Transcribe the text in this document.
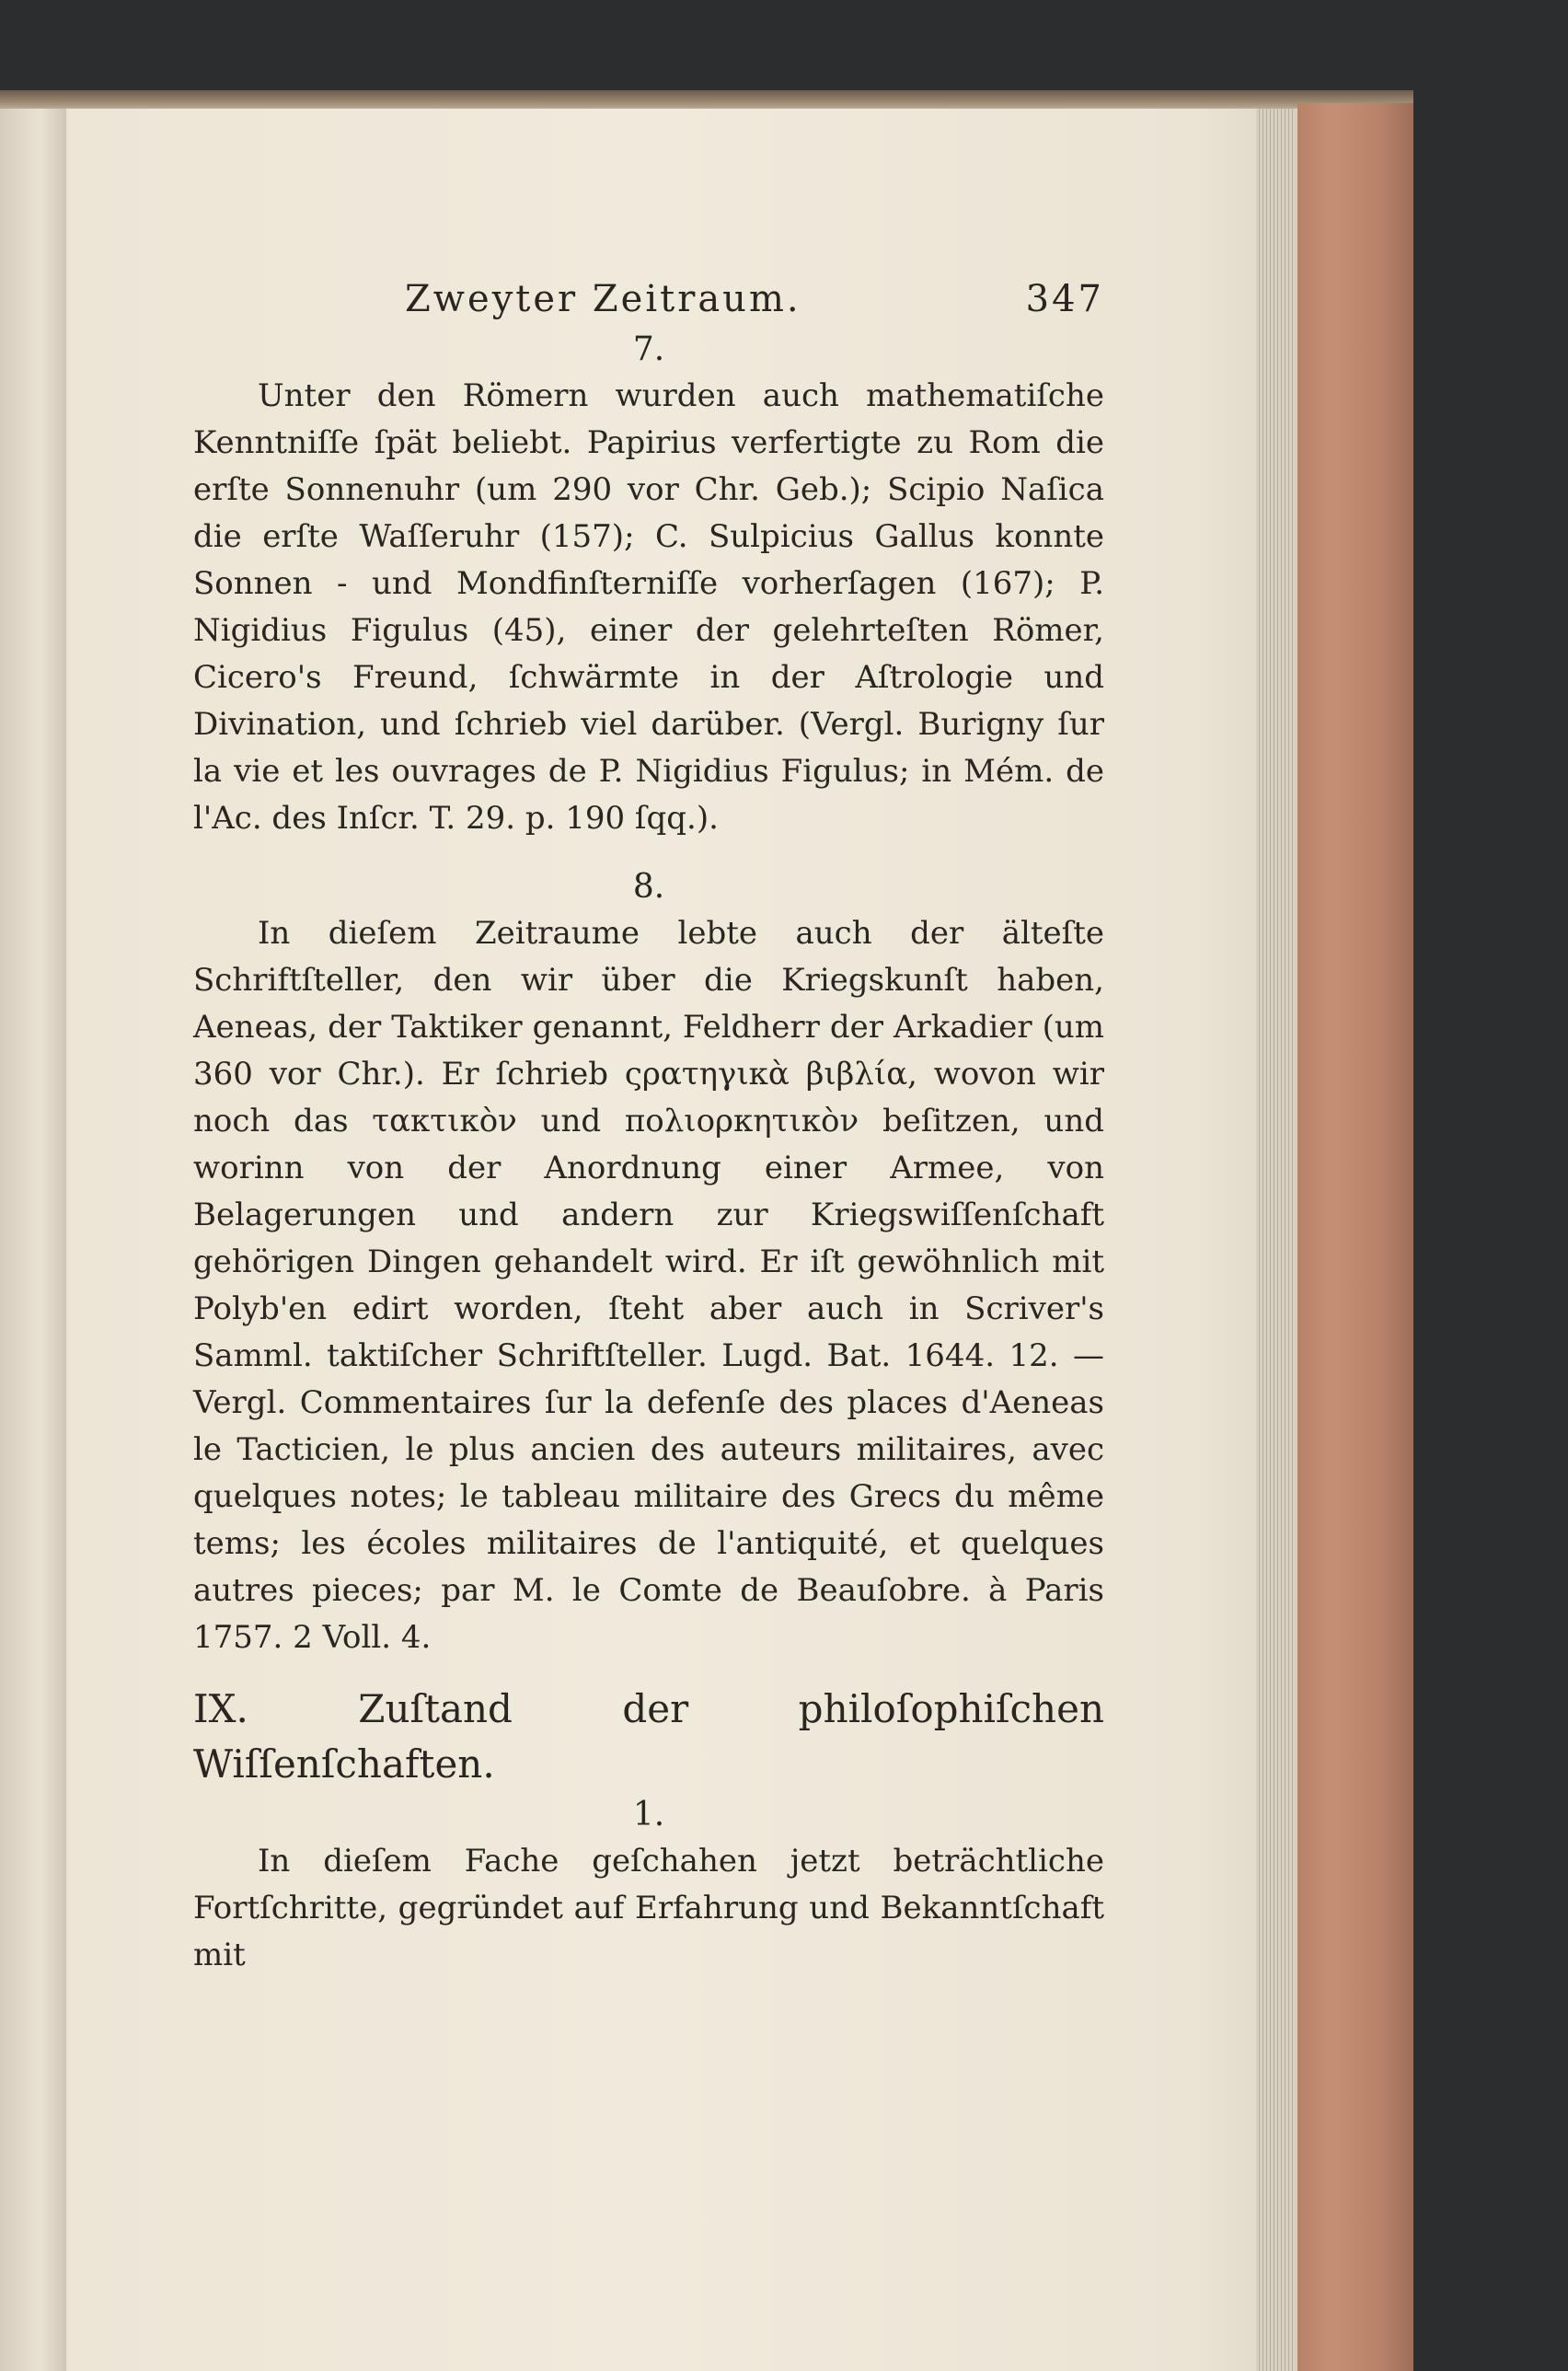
Zweyter Zeitraum.	347
7.

Unter den Römern wurden auch mathematiſche Kenntniſſe ſpät beliebt. Papirius verfertigte zu Rom die erſte Sonnenuhr (um 290 vor Chr. Geb.); Scipio Naſica die erſte Waſſeruhr (157); C. Sulpicius Gallus konnte Sonnen - und Mondfinſterniſſe vorherſagen (167); P. Nigidius Figulus (45), einer der gelehrteſten Römer, Cicero's Freund, ſchwärmte in der Aſtrologie und Divination, und ſchrieb viel darüber. (Vergl. Burigny ſur la vie et les ouvrages de P. Nigidius Figulus; in Mém. de l'Ac. des Inſcr. T. 29. p. 190 ſqq.).

8.

In dieſem Zeitraume lebte auch der älteſte Schriftſteller, den wir über die Kriegskunſt haben, Aeneas, der Taktiker genannt, Feldherr der Arkadier (um 360 vor Chr.). Er ſchrieb ςρατηγικὰ βιβλία, wovon wir noch das τακτικὸν und πολιορκητικὸν beſitzen, und worinn von der Anordnung einer Armee, von Belagerungen und andern zur Kriegswiſſenſchaft gehörigen Dingen gehandelt wird. Er iſt gewöhnlich mit Polyb'en edirt worden, ſteht aber auch in Scriver's Samml. taktiſcher Schriftſteller. Lugd. Bat. 1644. 12. — Vergl. Commentaires ſur la defenſe des places d'Aeneas le Tacticien, le plus ancien des auteurs militaires, avec quelques notes; le tableau militaire des Grecs du même tems; les écoles militaires de l'antiquité, et quelques autres pieces; par M. le Comte de Beauſobre. à Paris 1757. 2 Voll. 4.

IX. Zuſtand der philoſophiſchen Wiſſenſchaften.
1.

In dieſem Fache geſchahen jetzt beträchtliche Fortſchritte, gegründet auf Erfahrung und Bekanntſchaft mit
